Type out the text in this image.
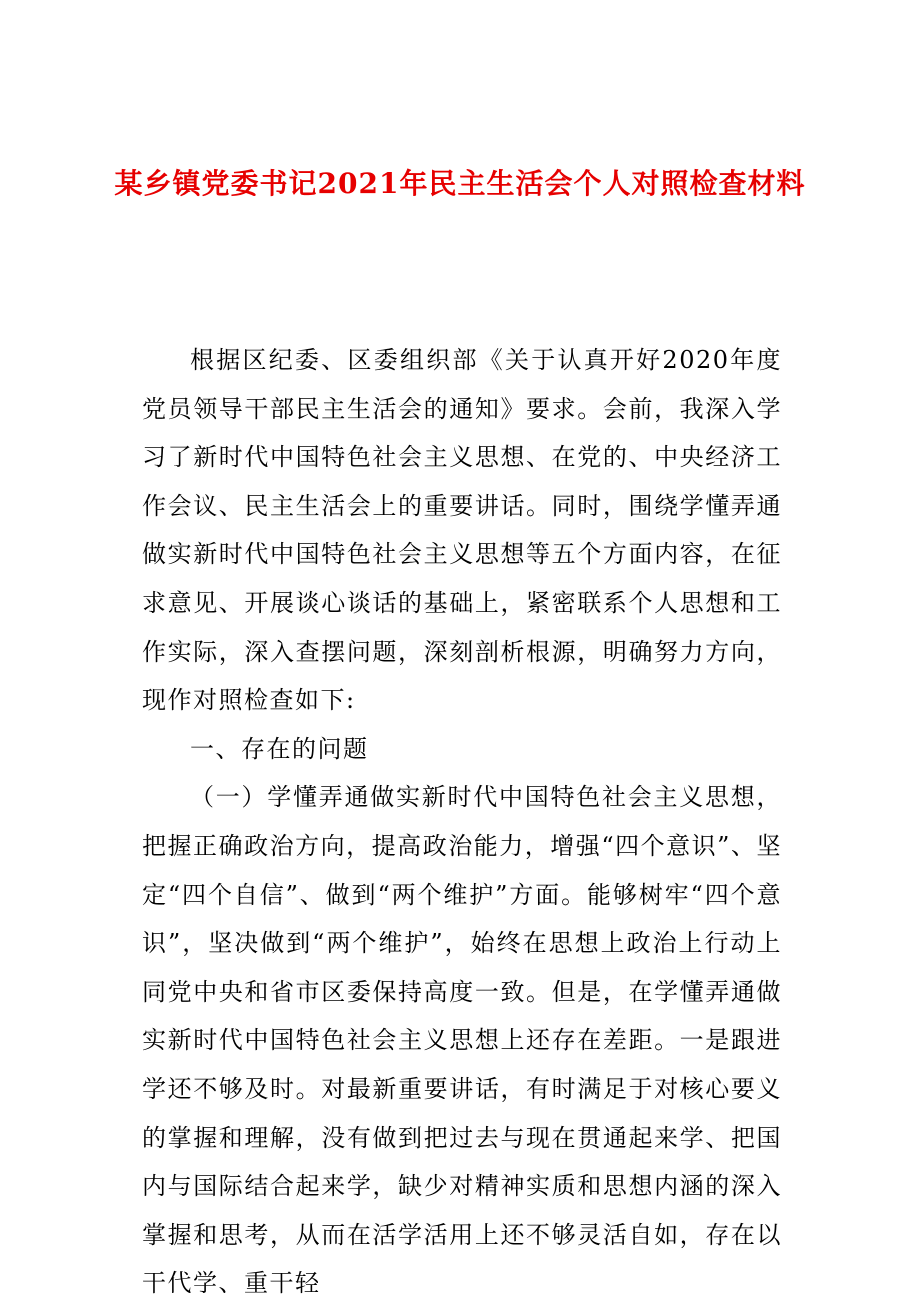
某乡镇党委书记2021年民主生活会个人对照检查材料

根据区纪委、区委组织部《关于认真开好2020年度党员领导干部民主生活会的通知》要求。会前，我深入学习了新时代中国特色社会主义思想、在党的、中央经济工作会议、民主生活会上的重要讲话。同时，围绕学懂弄通做实新时代中国特色社会主义思想等五个方面内容，在征求意见、开展谈心谈话的基础上，紧密联系个人思想和工作实际，深入查摆问题，深刻剖析根源，明确努力方向，现作对照检查如下:

一、存在的问题

（一）学懂弄通做实新时代中国特色社会主义思想，把握正确政治方向，提高政治能力，增强“四个意识”、坚定“四个自信”、做到“两个维护”方面。能够树牢“四个意识”，坚决做到“两个维护”，始终在思想上政治上行动上同党中央和省市区委保持高度一致。但是，在学懂弄通做实新时代中国特色社会主义思想上还存在差距。一是跟进学还不够及时。对最新重要讲话，有时满足于对核心要义的掌握和理解，没有做到把过去与现在贯通起来学、把国内与国际结合起来学，缺少对精神实质和思想内涵的深入掌握和思考，从而在活学活用上还不够灵活自如，存在以干代学、重干轻
